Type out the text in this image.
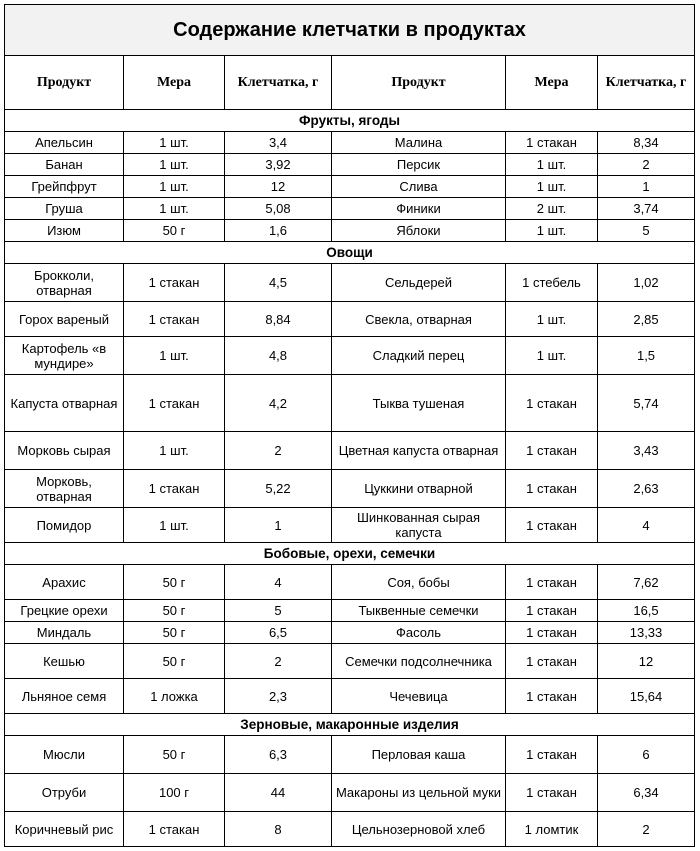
Содержание клетчатки в продуктах					
Продукт	Мера	Клетчатка, г	Продукт	Мера	Клетчатка, г
Фрукты, ягоды					
Апельсин	1 шт.	3,4	Малина	1 стакан	8,34
Банан	1 шт.	3,92	Персик	1 шт.	2
Грейпфрут	1 шт.	12	Слива	1 шт.	1
Груша	1 шт.	5,08	Финики	2 шт.	3,74
Изюм	50 г	1,6	Яблоки	1 шт.	5
Овощи					
Брокколи, отварная	1 стакан	4,5	Сельдерей	1 стебель	1,02
Горох вареный	1 стакан	8,84	Свекла, отварная	1 шт.	2,85
Картофель «в мундире»	1 шт.	4,8	Сладкий перец	1 шт.	1,5
Капуста отварная	1 стакан	4,2	Тыква тушеная	1 стакан	5,74
Морковь сырая	1 шт.	2	Цветная капуста отварная	1 стакан	3,43
Морковь, отварная	1 стакан	5,22	Цуккини отварной	1 стакан	2,63
Помидор	1 шт.	1	Шинкованная сырая капуста	1 стакан	4
Бобовые, орехи, семечки					
Арахис	50 г	4	Соя, бобы	1 стакан	7,62
Грецкие орехи	50 г	5	Тыквенные семечки	1 стакан	16,5
Миндаль	50 г	6,5	Фасоль	1 стакан	13,33
Кешью	50 г	2	Семечки подсолнечника	1 стакан	12
Льняное семя	1 ложка	2,3	Чечевица	1 стакан	15,64
Зерновые, макаронные изделия					
Мюсли	50 г	6,3	Перловая каша	1 стакан	6
Отруби	100 г	44	Макароны из цельной муки	1 стакан	6,34
Коричневый рис	1 стакан	8	Цельнозерновой хлеб	1 ломтик	2
